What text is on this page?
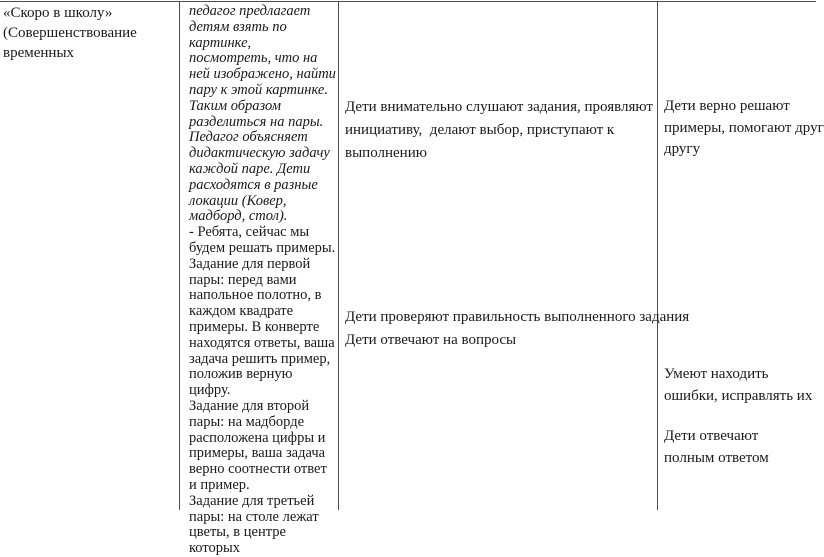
«Скоро в школу» (Совершенствование временных

педагог предлагает детям взять по картинке, посмотреть, что на ней изображено, найти пару к этой картинке.

Таким образом разделиться на пары. Педагог объясняет дидактическую задачу каждой паре. Дети расходятся в разные локации (Ковер, мадборд, стол).

- Ребята, сейчас мы будем решать примеры. Задание для первой пары: перед вами напольное полотно, в каждом квадрате примеры. В конверте находятся ответы, ваша задача решить пример, положив верную цифру.

Задание для второй пары: на мадборде расположена цифры и примеры, ваша задача верно соотнести ответ и пример.

Задание для третьей пары: на столе лежат цветы, в центре которых

Дети внимательно слушают задания, проявляют
инициативу,  делают выбор, приступают к
выполнению
Дети проверяют правильность выполненного задания
Дети отвечают на вопросы
Дети верно решают
примеры, помогают друг
другу
Умеют находить
ошибки, исправлять их
Дети отвечают
полным ответом
